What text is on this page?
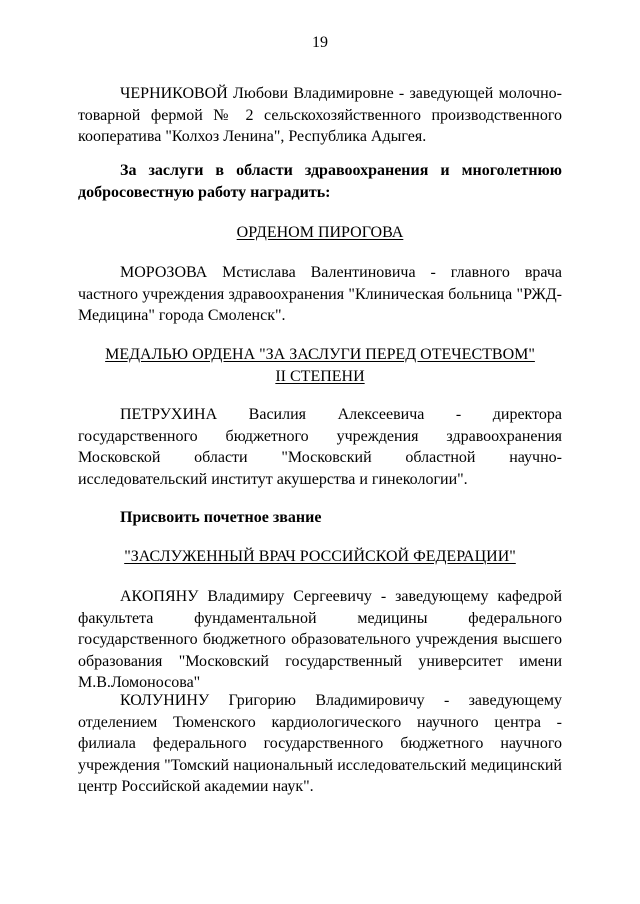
19

ЧЕРНИКОВОЙ Любови Владимировне - заведующей молочно-товарной фермой № 2 сельскохозяйственного производственного кооператива "Колхоз Ленина", Республика Адыгея.

За заслуги в области здравоохранения и многолетнюю добросовестную работу наградить:

ОРДЕНОМ ПИРОГОВА

МОРОЗОВА Мстислава Валентиновича - главного врача частного учреждения здравоохранения "Клиническая больница "РЖД-Медицина" города Смоленск".

МЕДАЛЬЮ ОРДЕНА "ЗА ЗАСЛУГИ ПЕРЕД ОТЕЧЕСТВОМ"
II СТЕПЕНИ

ПЕТРУХИНА Василия Алексеевича - директора государственного бюджетного учреждения здравоохранения Московской области "Московский областной научно-исследовательский институт акушерства и гинекологии".

Присвоить почетное звание

"ЗАСЛУЖЕННЫЙ ВРАЧ РОССИЙСКОЙ ФЕДЕРАЦИИ"

АКОПЯНУ Владимиру Сергеевичу - заведующему кафедрой факультета фундаментальной медицины федерального государственного бюджетного образовательного учреждения высшего образования "Московский государственный университет имени М.В.Ломоносова"

КОЛУНИНУ Григорию Владимировичу - заведующему отделением Тюменского кардиологического научного центра - филиала федерального государственного бюджетного научного учреждения "Томский национальный исследовательский медицинский центр Российской академии наук".
